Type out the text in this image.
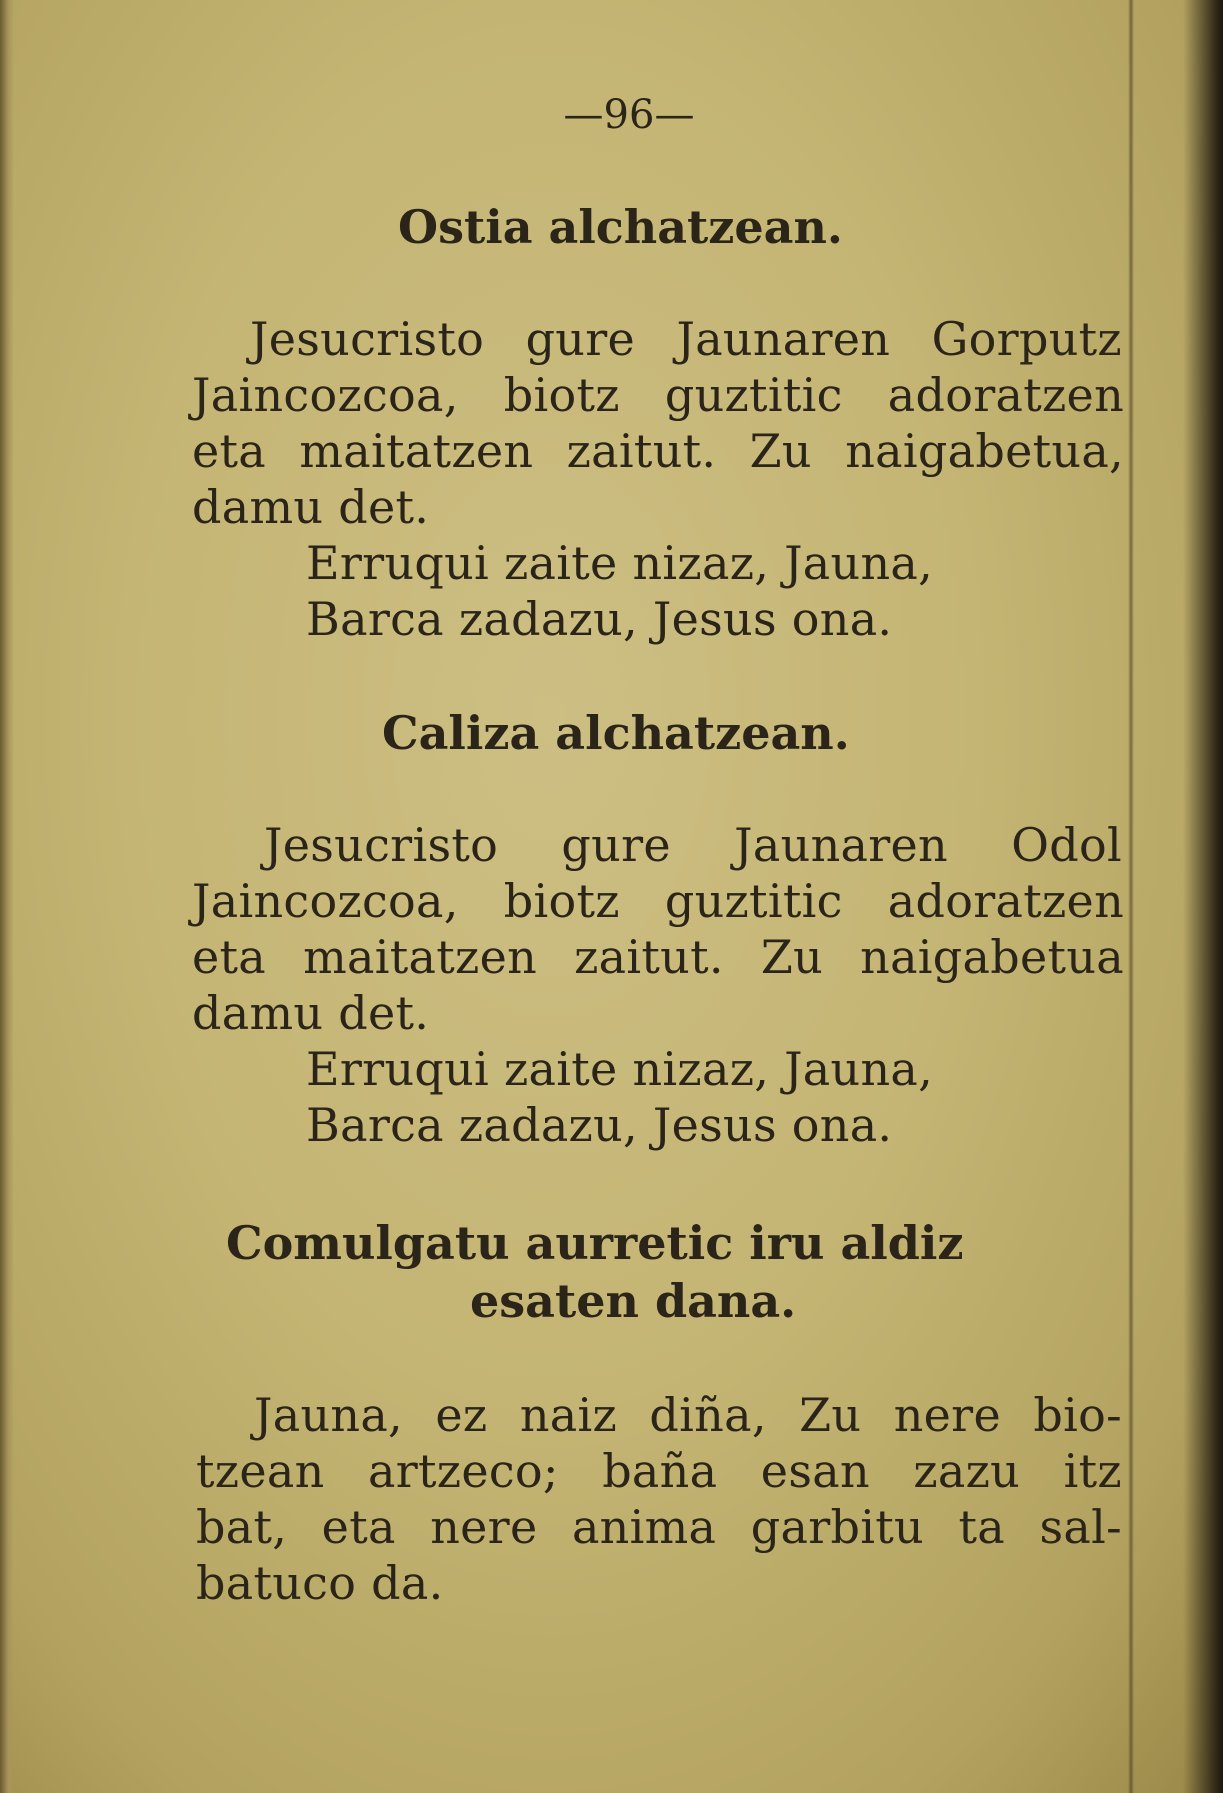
—96—
Ostia alchatzean.
Jesucristo gure Jaunaren Gorputz
Jaincozcoa, biotz guztitic adoratzen
eta maitatzen zaitut. Zu naigabetua,
damu det.
Erruqui zaite nizaz, Jauna,
Barca zadazu, Jesus ona.
Caliza alchatzean.
Jesucristo gure Jaunaren Odol
Jaincozcoa, biotz guztitic adoratzen
eta maitatzen zaitut. Zu naigabetua
damu det.
Erruqui zaite nizaz, Jauna,
Barca zadazu, Jesus ona.
Comulgatu aurretic iru aldiz
esaten dana.
Jauna, ez naiz diña, Zu nere bio-
tzean artzeco; baña esan zazu itz
bat, eta nere anima garbitu ta sal-
batuco da.
